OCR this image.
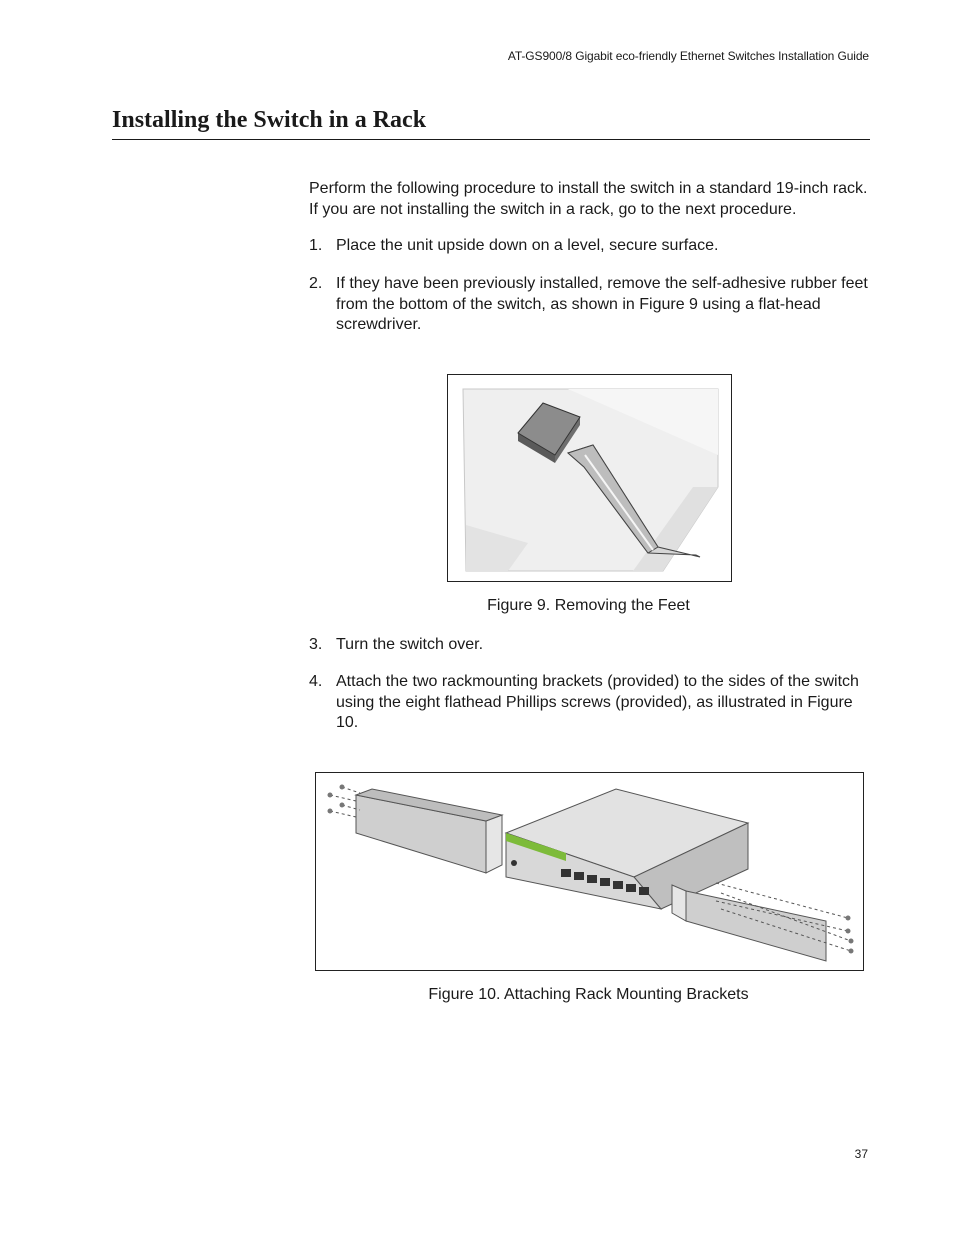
AT-GS900/8 Gigabit eco-friendly Ethernet Switches Installation Guide
Installing the Switch in a Rack

Perform the following procedure to install the switch in a standard 19-inch rack. If you are not installing the switch in a rack, go to the next procedure.

1. Place the unit upside down on a level, secure surface.
2. If they have been previously installed, remove the self-adhesive rubber feet from the bottom of the switch, as shown in Figure 9 using a flat-head screwdriver.
Figure 9. Removing the Feet
3. Turn the switch over.
4. Attach the two rackmounting brackets (provided) to the sides of the switch using the eight flathead Phillips screws (provided), as illustrated in Figure 10.
Figure 10. Attaching Rack Mounting Brackets
37
